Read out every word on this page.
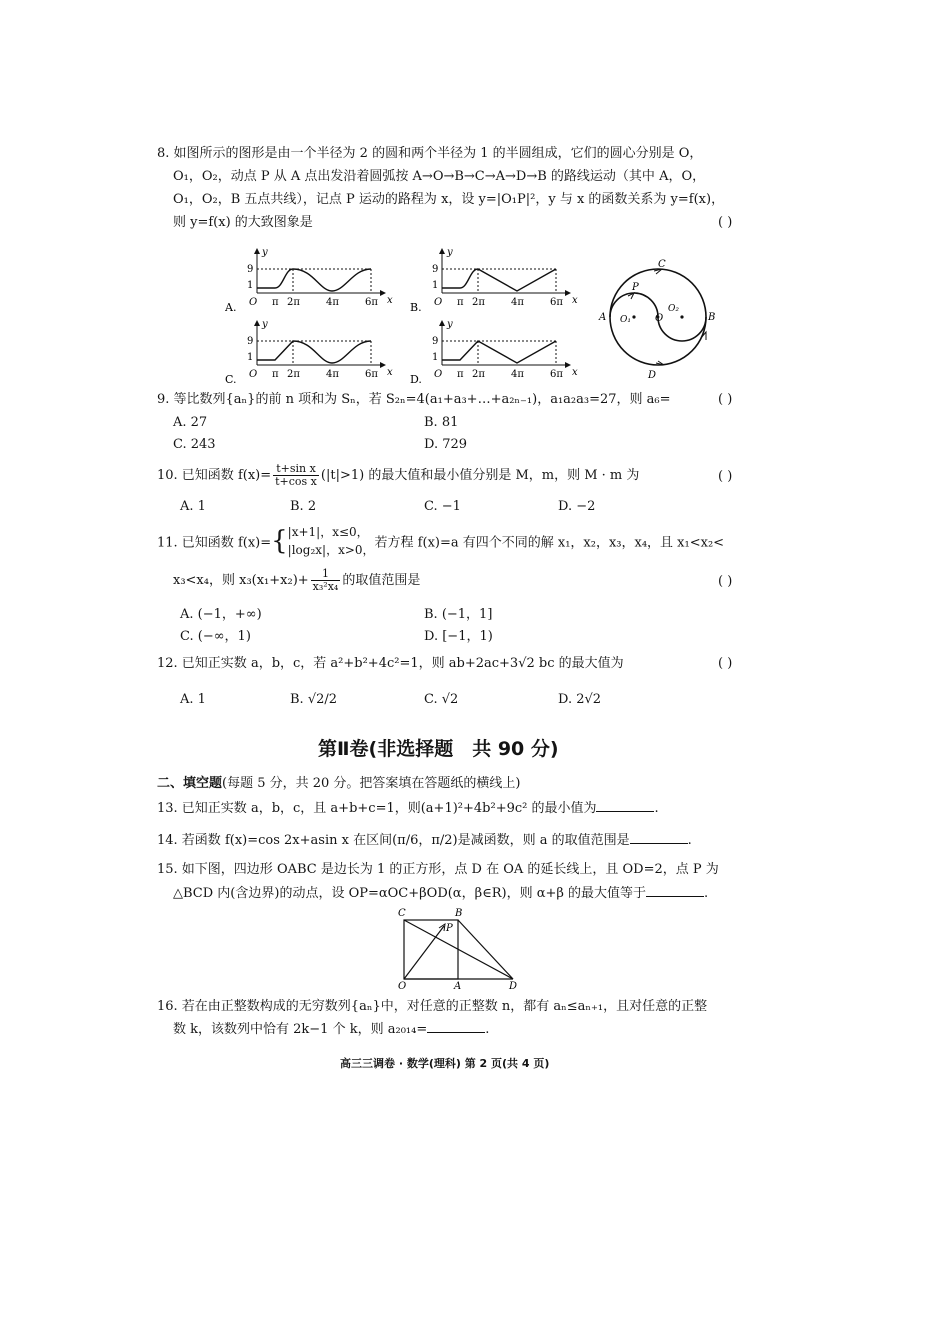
8. 如图所示的图形是由一个半径为 2 的圆和两个半径为 1 的半圆组成，它们的圆心分别是 O，
O₁，O₂，动点 P 从 A 点出发沿着圆弧按 A→O→B→C→A→D→B 的路线运动（其中 A，O，
O₁，O₂，B 五点共线），记点 P 运动的路程为 x，设 y=|O₁P|²，y 与 x 的函数关系为 y=f(x)，
则 y=f(x) 的大致图象是	( )
A.
y
x
O
9
1
π 2π	4π	6π	B.
y
x
O
9
1
π 2π	4π	6π
C.
y
x
O
9
1
π 2π	4π	6π	D.
y
x
O
9
1
π 2π	4π	6π
C
P
A O₁ O
O₂
B
D
9. 等比数列{aₙ}的前 n 项和为 Sₙ，若 S₂ₙ=4(a₁+a₃+…+a₂ₙ₋₁)，a₁a₂a₃=27，则 a₆=	( )
A. 27	B. 81
C. 243	D. 729
10. 已知函数 $f(x)= \frac{\text{t+sin x}}{\text{t+cos x}} (|t|>1)$ 的最大值和最小值分别是 M，m，则 M · m 为	( )
A. 1	B. 2	C. −1	D. −2
11. 已知函数 f(x)={ |x+1|，x≤0，
|log₂x|，x>0， 若方程 f(x)=a 有四个不同的解 x₁，x₂，x₃，x₄，且 x₁<x₂<
x₃<x₄，则 $x_3(x_1+x_2)+ \frac{1}{\text{x₃²x₄}}$ 的取值范围是	( )
A. (−1，+∞)	B. (−1，1]
C. (−∞，1)	D. [−1，1)
12. 已知正实数 a，b，c，若 a²+b²+4c²=1，则 ab+2ac+3√2 bc 的最大值为	( )
A. 1	B. √2/2	C. √2	D. 2√2
第Ⅱ卷(非选择题　共 90 分)
二、填空题(每题 5 分，共 20 分。把答案填在答题纸的横线上)
13. 已知正实数 a，b，c，且 a+b+c=1，则(a+1)²+4b²+9c² 的最小值为	.
14. 若函数 f(x)=cos 2x+asin x 在区间(π/6，π/2)是减函数，则 a 的取值范围是	.
15. 如下图，四边形 OABC 是边长为 1 的正方形，点 D 在 OA 的延长线上，且 OD=2，点 P 为
△BCD 内(含边界)的动点，设 OP=αOC+βOD(α，β∈R)，则 α+β 的最大值等于	.
C	B
P
O	A	D
16. 若在由正整数构成的无穷数列{aₙ}中，对任意的正整数 n，都有 aₙ≤aₙ₊₁，且对任意的正整
数 k，该数列中恰有 2k−1 个 k，则 a₂₀₁₄=	.
高三三调卷 · 数学(理科) 第 2 页(共 4 页)
